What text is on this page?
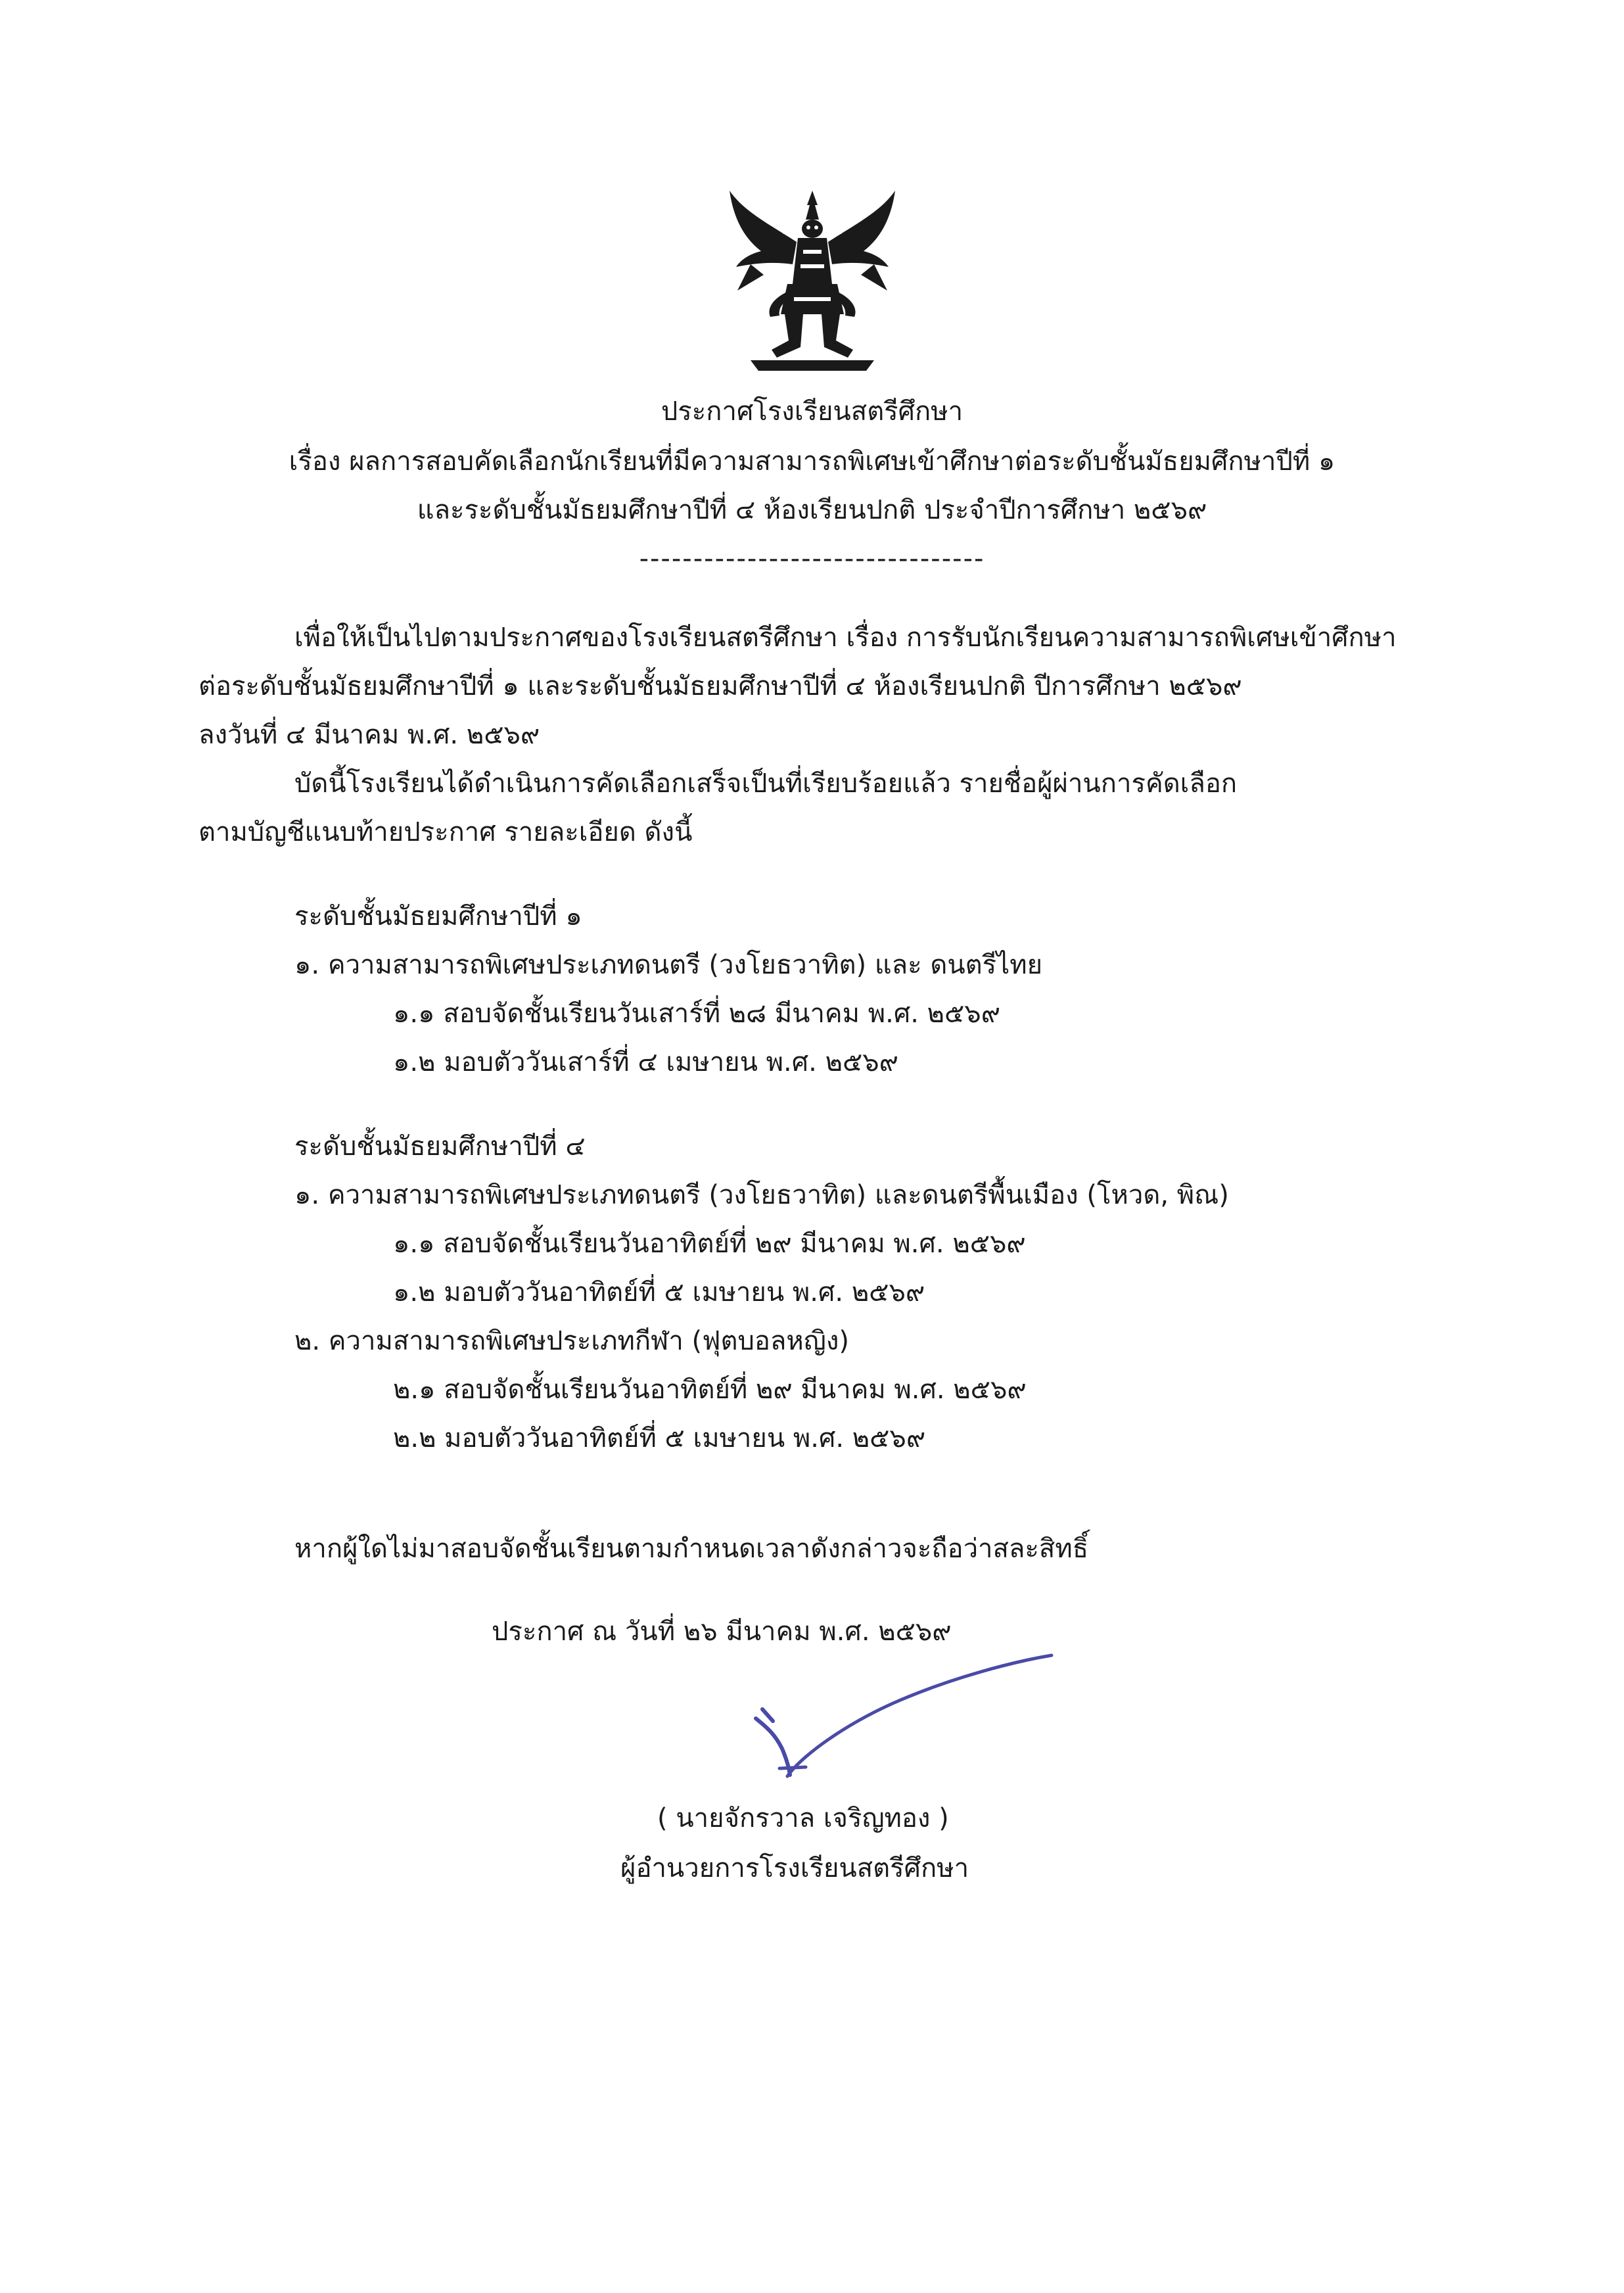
ประกาศโรงเรียนสตรีศึกษา
เรื่อง ผลการสอบคัดเลือกนักเรียนที่มีความสามารถพิเศษเข้าศึกษาต่อระดับชั้นมัธยมศึกษาปีที่ ๑
และระดับชั้นมัธยมศึกษาปีที่ ๔ ห้องเรียนปกติ ประจำปีการศึกษา ๒๕๖๙
--------------------------------
เพื่อให้เป็นไปตามประกาศของโรงเรียนสตรีศึกษา เรื่อง การรับนักเรียนความสามารถพิเศษเข้าศึกษา
ต่อระดับชั้นมัธยมศึกษาปีที่ ๑ และระดับชั้นมัธยมศึกษาปีที่ ๔ ห้องเรียนปกติ ปีการศึกษา ๒๕๖๙
ลงวันที่ ๔ มีนาคม พ.ศ. ๒๕๖๙
บัดนี้โรงเรียนได้ดำเนินการคัดเลือกเสร็จเป็นที่เรียบร้อยแล้ว รายชื่อผู้ผ่านการคัดเลือก
ตามบัญชีแนบท้ายประกาศ รายละเอียด ดังนี้
ระดับชั้นมัธยมศึกษาปีที่ ๑
๑. ความสามารถพิเศษประเภทดนตรี (วงโยธวาทิต) และ ดนตรีไทย
๑.๑ สอบจัดชั้นเรียนวันเสาร์ที่ ๒๘ มีนาคม พ.ศ. ๒๕๖๙
๑.๒ มอบตัววันเสาร์ที่ ๔ เมษายน พ.ศ. ๒๕๖๙
ระดับชั้นมัธยมศึกษาปีที่ ๔
๑. ความสามารถพิเศษประเภทดนตรี (วงโยธวาทิต) และดนตรีพื้นเมือง (โหวด, พิณ)
๑.๑ สอบจัดชั้นเรียนวันอาทิตย์ที่ ๒๙ มีนาคม พ.ศ. ๒๕๖๙
๑.๒ มอบตัววันอาทิตย์ที่ ๕ เมษายน พ.ศ. ๒๕๖๙
๒. ความสามารถพิเศษประเภทกีฬา (ฟุตบอลหญิง)
๒.๑ สอบจัดชั้นเรียนวันอาทิตย์ที่ ๒๙ มีนาคม พ.ศ. ๒๕๖๙
๒.๒ มอบตัววันอาทิตย์ที่ ๕ เมษายน พ.ศ. ๒๕๖๙
หากผู้ใดไม่มาสอบจัดชั้นเรียนตามกำหนดเวลาดังกล่าวจะถือว่าสละสิทธิ์
ประกาศ ณ วันที่ ๒๖ มีนาคม พ.ศ. ๒๕๖๙
( นายจักรวาล เจริญทอง )
ผู้อำนวยการโรงเรียนสตรีศึกษา
